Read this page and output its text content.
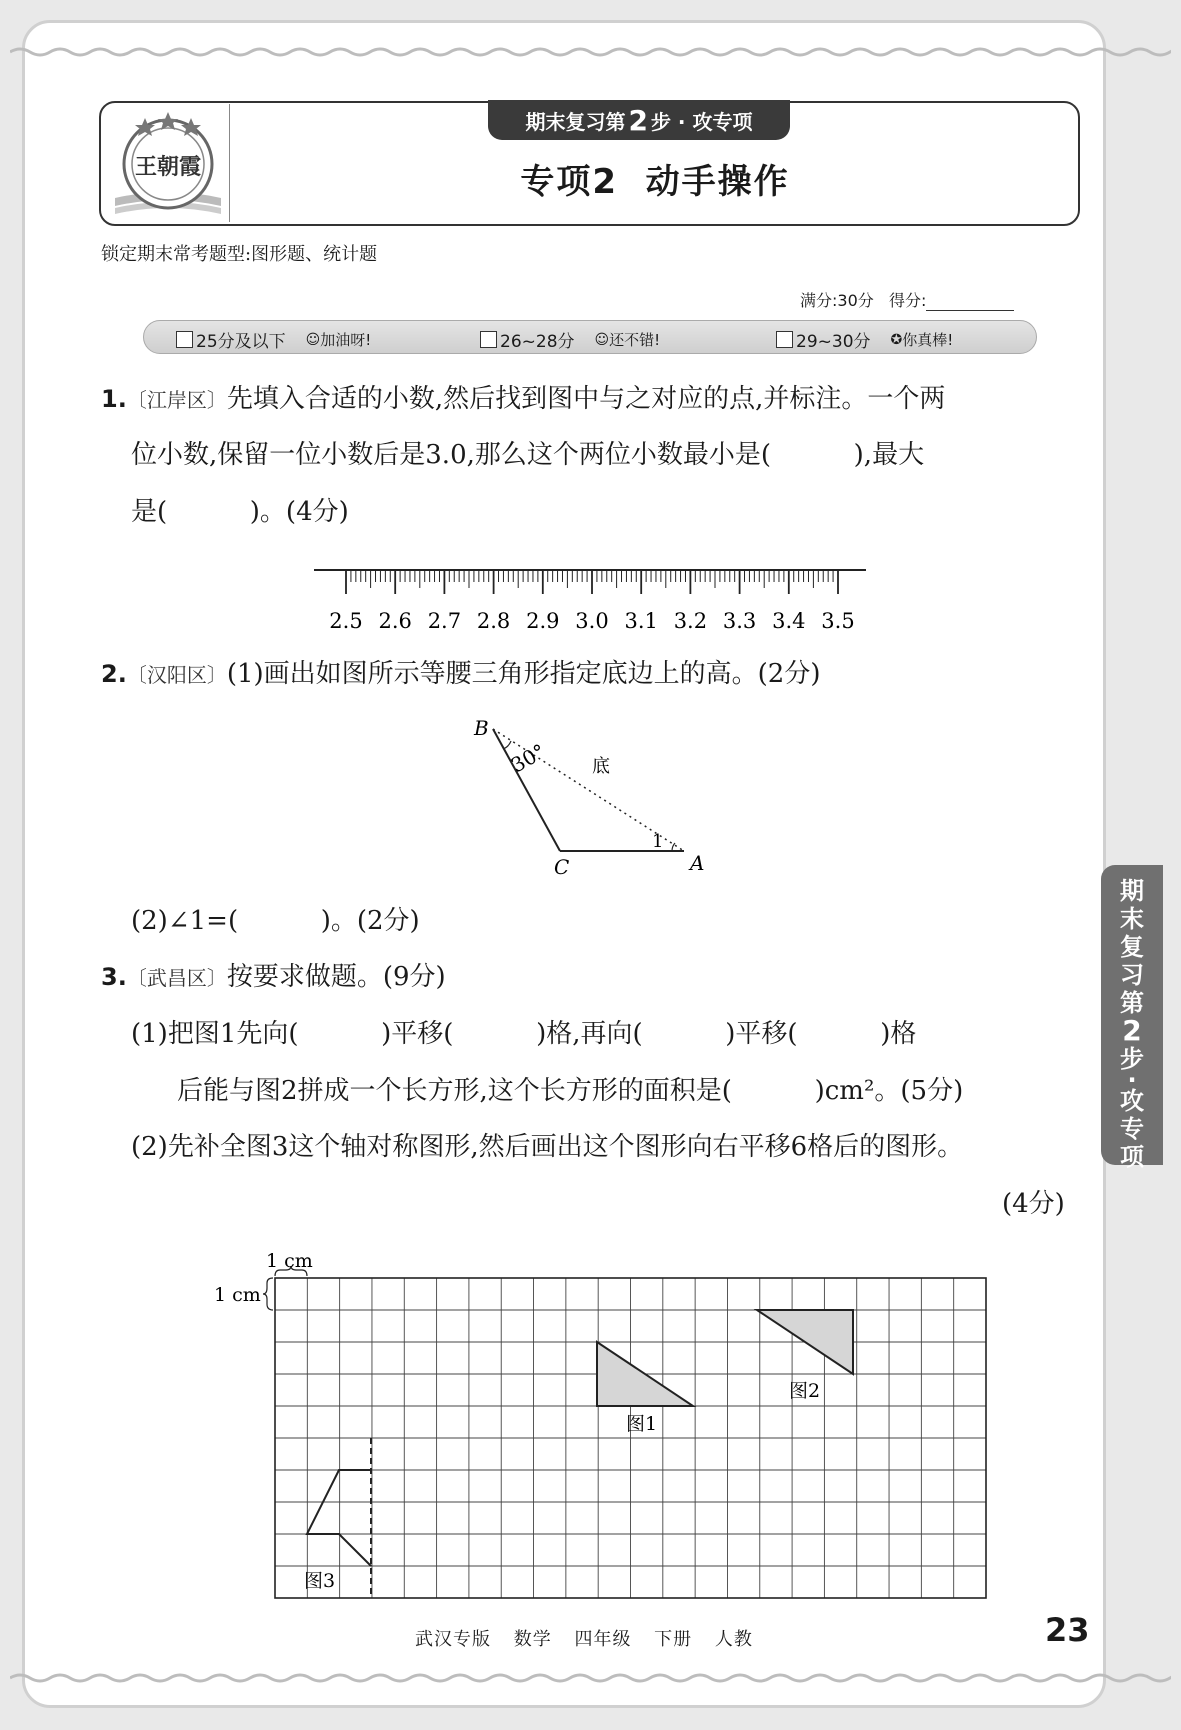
王朝霞
期末复习第 2 步 · 攻专项
专项2  动手操作
锁定期末常考题型:图形题、统计题
满分:30分 得分:
25分及以下 ☺ 加油呀!	26~28分 ☺ 还不错!	29~30分 ✪ 你真棒!
1.〔江岸区〕先填入合适的小数,然后找到图中与之对应的点,并标注。一个两
位小数,保留一位小数后是3.0,那么这个两位小数最小是(          ),最大
是(          )。(4分)
2.5 2.6 2.7 2.8 2.9 3.0 3.1 3.2 3.3 3.4 3.5
2.〔汉阳区〕(1)画出如图所示等腰三角形指定底边上的高。(2分)
B
C	A
30°
1
底
(2)∠1=(          )。(2分)
3.〔武昌区〕按要求做题。(9分)
(1)把图1先向(          )平移(          )格,再向(          )平移(          )格
后能与图2拼成一个长方形,这个长方形的面积是(          )cm²。(5分)
(2)先补全图3这个轴对称图形,然后画出这个图形向右平移6格后的图形。
(4分)
1 cm
1 cm
图1
图2
图3
期
末
复
习
第
2
步
·
攻
专
项
武汉专版 数学 四年级 下册 人教	23
